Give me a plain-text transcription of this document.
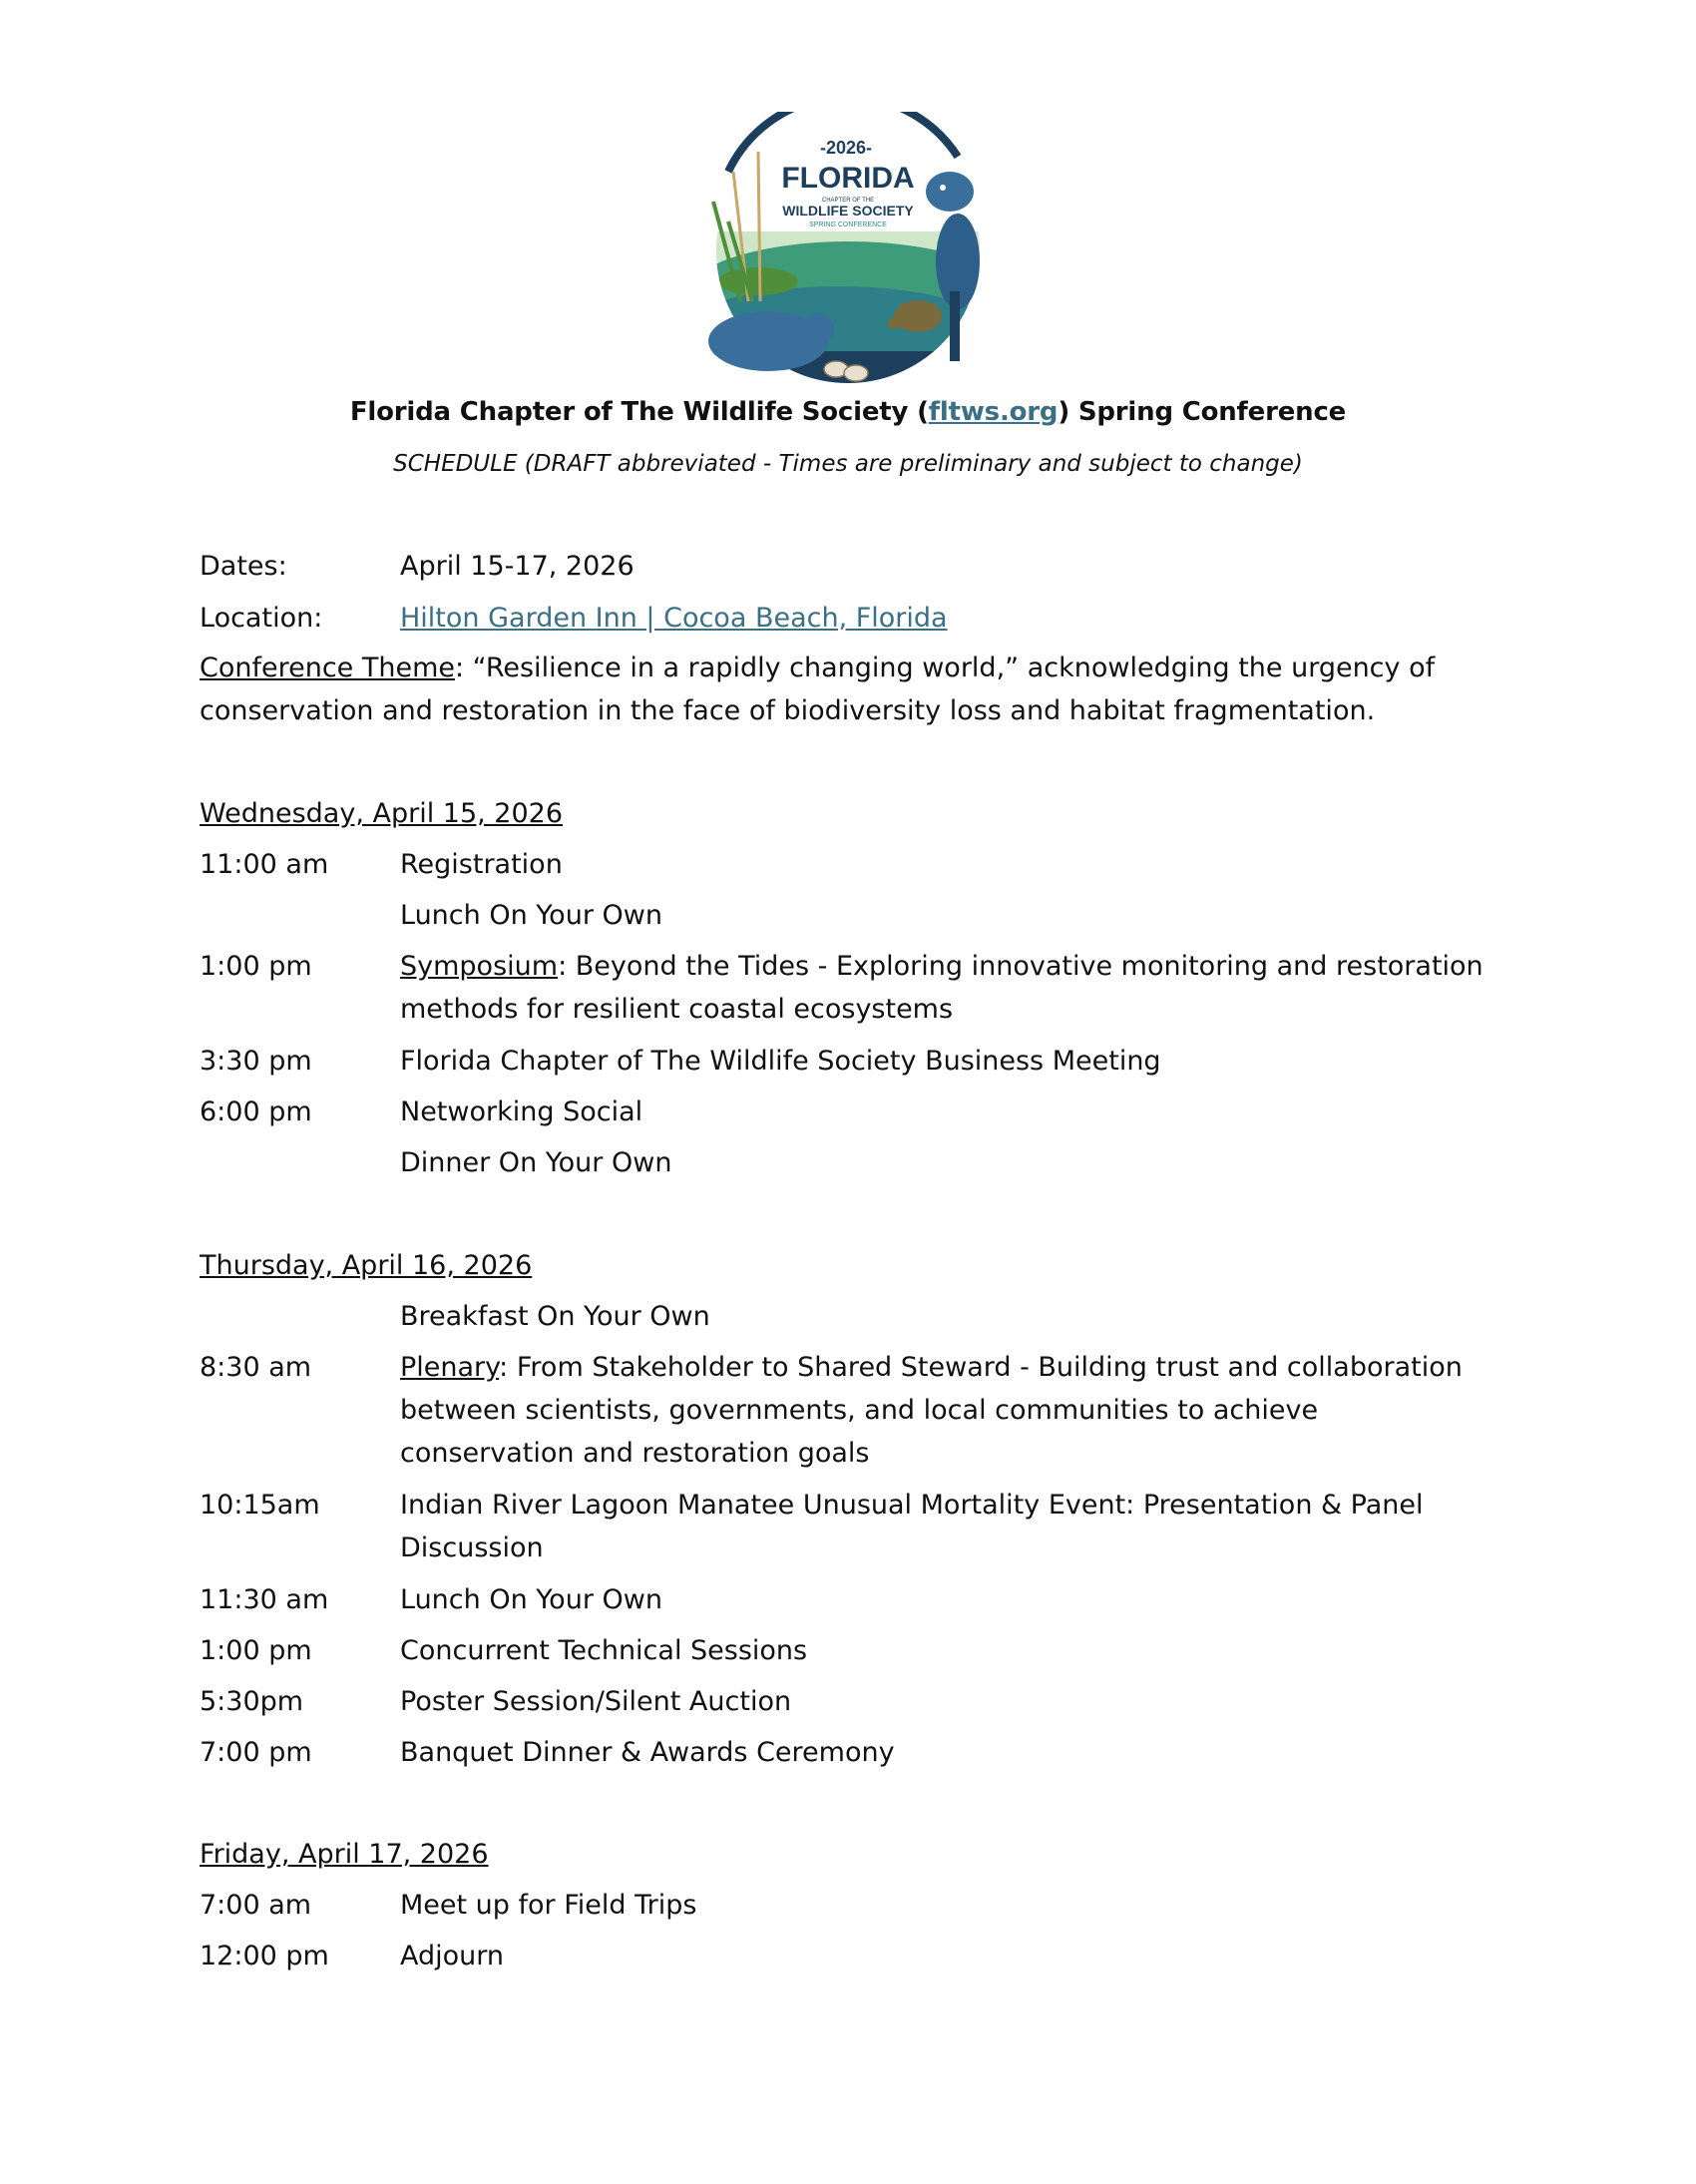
-2026-
FLORIDA
CHAPTER OF THE
WILDLIFE SOCIETY
SPRING CONFERENCE
Florida Chapter of The Wildlife Society (fltws.org) Spring Conference
SCHEDULE (DRAFT abbreviated - Times are preliminary and subject to change)
Dates:	April 15-17, 2026
Location:	Hilton Garden Inn | Cocoa Beach, Florida
Conference Theme: “Resilience in a rapidly changing world,” acknowledging the urgency of conservation and restoration in the face of biodiversity loss and habitat fragmentation.
Wednesday, April 15, 2026
11:00 am	Registration
Lunch On Your Own
1:00 pm	Symposium: Beyond the Tides - Exploring innovative monitoring and restoration methods for resilient coastal ecosystems
3:30 pm	Florida Chapter of The Wildlife Society Business Meeting
6:00 pm	Networking Social
Dinner On Your Own
Thursday, April 16, 2026
Breakfast On Your Own
8:30 am	Plenary: From Stakeholder to Shared Steward - Building trust and collaboration between scientists, governments, and local communities to achieve conservation and restoration goals
10:15am	Indian River Lagoon Manatee Unusual Mortality Event: Presentation & Panel Discussion
11:30 am	Lunch On Your Own
1:00 pm	Concurrent Technical Sessions
5:30pm	Poster Session/Silent Auction
7:00 pm	Banquet Dinner & Awards Ceremony
Friday, April 17, 2026
7:00 am	Meet up for Field Trips
12:00 pm	Adjourn
